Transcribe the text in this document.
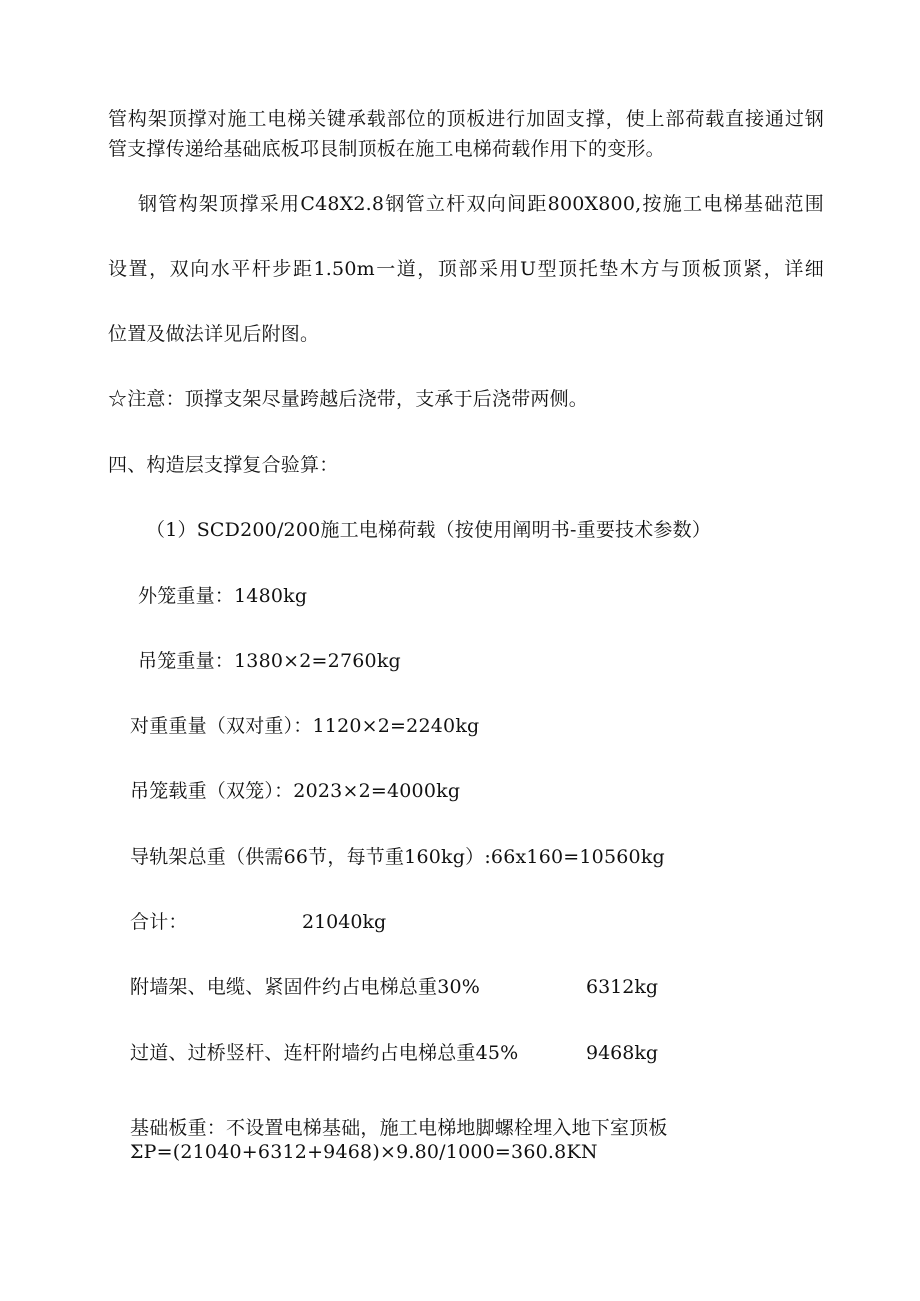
管构架顶撑对施工电梯关键承载部位的顶板进行加固支撑，使上部荷载直接通过钢
管支撑传递给基础底板邛艮制顶板在施工电梯荷载作用下的变形。
钢管构架顶撑采用C48X2.8钢管立杆双向间距800X800,按施工电梯基础范围
设置，双向水平杆步距1.50m一道，顶部采用U型顶托垫木方与顶板顶紧，详细
位置及做法详见后附图。
☆注意：顶撑支架尽量跨越后浇带，支承于后浇带两侧。
四、构造层支撑复合验算：
（1）SCD200/200施工电梯荷载（按使用阐明书-重要技术参数）
外笼重量：1480kg
吊笼重量：1380×2=2760kg
对重重量（双对重）：1120×2=2240kg
吊笼载重（双笼）：2023×2=4000kg
导轨架总重（供需66节，每节重160kg）:66x160=10560kg
合计：	21040kg
附墙架、电缆、紧固件约占电梯总重30%	6312kg
过道、过桥竖杆、连杆附墙约占电梯总重45%	9468kg
基础板重：不设置电梯基础，施工电梯地脚螺栓埋入地下室顶板
ΣP=(21040+6312+9468)×9.80/1000=360.8KN
